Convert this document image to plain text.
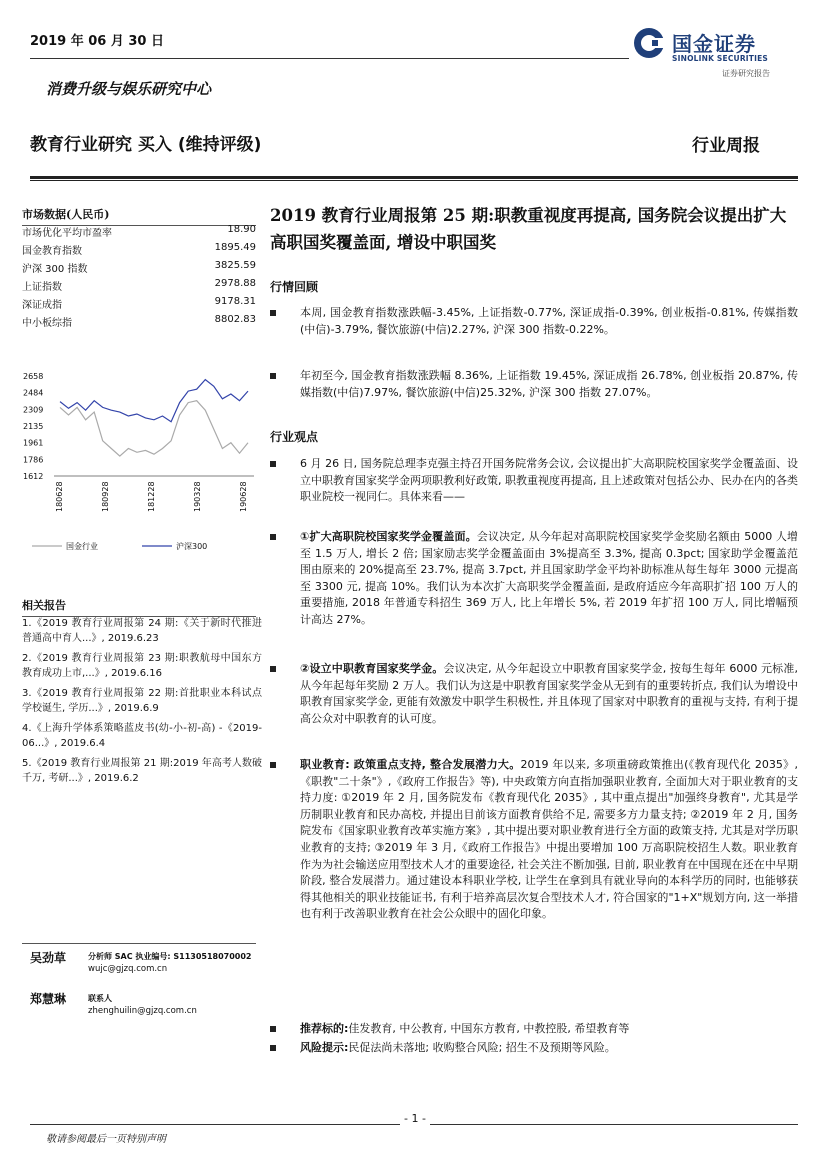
2019 年 06 月 30 日	国金证券
SINOLINK SECURITIES
证券研究报告
消费升级与娱乐研究中心
教育行业研究 买入 (维持评级)	行业周报
市场数据(人民币)
市场优化平均市盈率	18.90
国金教育指数	1895.49
沪深 300 指数	3825.59
上证指数	2978.88
深证成指	9178.31
中小板综指	8802.83
2658
2484
2309
2135
1961
1786
1612
180628	180928	181228	190328	190628
国金行业	沪深300
相关报告
1.《2019 教育行业周报第 24 期:《关于新时代推进普通高中育人...》, 2019.6.23
2.《2019 教育行业周报第 23 期:职教航母中国东方教育成功上市,...》, 2019.6.16
3.《2019 教育行业周报第 22 期:首批职业本科试点学校诞生, 学历...》, 2019.6.9
4.《上海升学体系策略蓝皮书(幼-小-初-高) -《2019-06...》, 2019.6.4
5.《2019 教育行业周报第 21 期:2019 年高考人数破千万, 考研...》, 2019.6.2
吴劲草	分析师 SAC 执业编号: S1130518070002
wujc@gjzq.com.cn
郑慧琳	联系人
zhenghuilin@gjzq.com.cn
2019 教育行业周报第 25 期:职教重视度再提高, 国务院会议提出扩大高职国奖覆盖面, 增设中职国奖
行情回顾
本周, 国金教育指数涨跌幅-3.45%, 上证指数-0.77%, 深证成指-0.39%, 创业板指-0.81%, 传媒指数(中信)-3.79%, 餐饮旅游(中信)2.27%, 沪深 300 指数-0.22%。
年初至今, 国金教育指数涨跌幅 8.36%, 上证指数 19.45%, 深证成指 26.78%, 创业板指 20.87%, 传媒指数(中信)7.97%, 餐饮旅游(中信)25.32%, 沪深 300 指数 27.07%。
行业观点
6 月 26 日, 国务院总理李克强主持召开国务院常务会议, 会议提出扩大高职院校国家奖学金覆盖面、设立中职教育国家奖学金两项职教利好政策, 职教重视度再提高, 且上述政策对包括公办、民办在内的各类职业院校一视同仁。具体来看——
①扩大高职院校国家奖学金覆盖面。会议决定, 从今年起对高职院校国家奖学金奖励名额由 5000 人增至 1.5 万人, 增长 2 倍; 国家励志奖学金覆盖面由 3%提高至 3.3%, 提高 0.3pct; 国家助学金覆盖范围由原来的 20%提高至 23.7%, 提高 3.7pct, 并且国家助学金平均补助标准从每生每年 3000 元提高至 3300 元, 提高 10%。我们认为本次扩大高职奖学金覆盖面, 是政府适应今年高职扩招 100 万人的重要措施, 2018 年普通专科招生 369 万人, 比上年增长 5%, 若 2019 年扩招 100 万人, 同比增幅预计高达 27%。
②设立中职教育国家奖学金。会议决定, 从今年起设立中职教育国家奖学金, 按每生每年 6000 元标准, 从今年起每年奖励 2 万人。我们认为这是中职教育国家奖学金从无到有的重要转折点, 我们认为增设中职教育国家奖学金, 更能有效激发中职学生积极性, 并且体现了国家对中职教育的重视与支持, 有利于提高公众对中职教育的认可度。
职业教育: 政策重点支持, 整合发展潜力大。2019 年以来, 多项重磅政策推出(《教育现代化 2035》,《职教"二十条"》,《政府工作报告》等), 中央政策方向直指加强职业教育, 全面加大对于职业教育的支持力度: ①2019 年 2 月, 国务院发布《教育现代化 2035》, 其中重点提出"加强终身教育", 尤其是学历制职业教育和民办高校, 并提出目前该方面教育供给不足, 需要多方力量支持; ②2019 年 2 月, 国务院发布《国家职业教育改革实施方案》, 其中提出要对职业教育进行全方面的政策支持, 尤其是对学历职业教育的支持; ③2019 年 3 月,《政府工作报告》中提出要增加 100 万高职院校招生人数。职业教育作为为社会输送应用型技术人才的重要途径, 社会关注不断加强, 目前, 职业教育在中国现在还在中早期阶段, 整合发展潜力。通过建设本科职业学校, 让学生在拿到具有就业导向的本科学历的同时, 也能够获得其他相关的职业技能证书, 有利于培养高层次复合型技术人才, 符合国家的"1+X"规划方向, 这一举措也有利于改善职业教育在社会公众眼中的固化印象。
推荐标的:佳发教育, 中公教育, 中国东方教育, 中教控股, 希望教育等
风险提示:民促法尚未落地; 收购整合风险; 招生不及预期等风险。
- 1 -
敬请参阅最后一页特别声明
